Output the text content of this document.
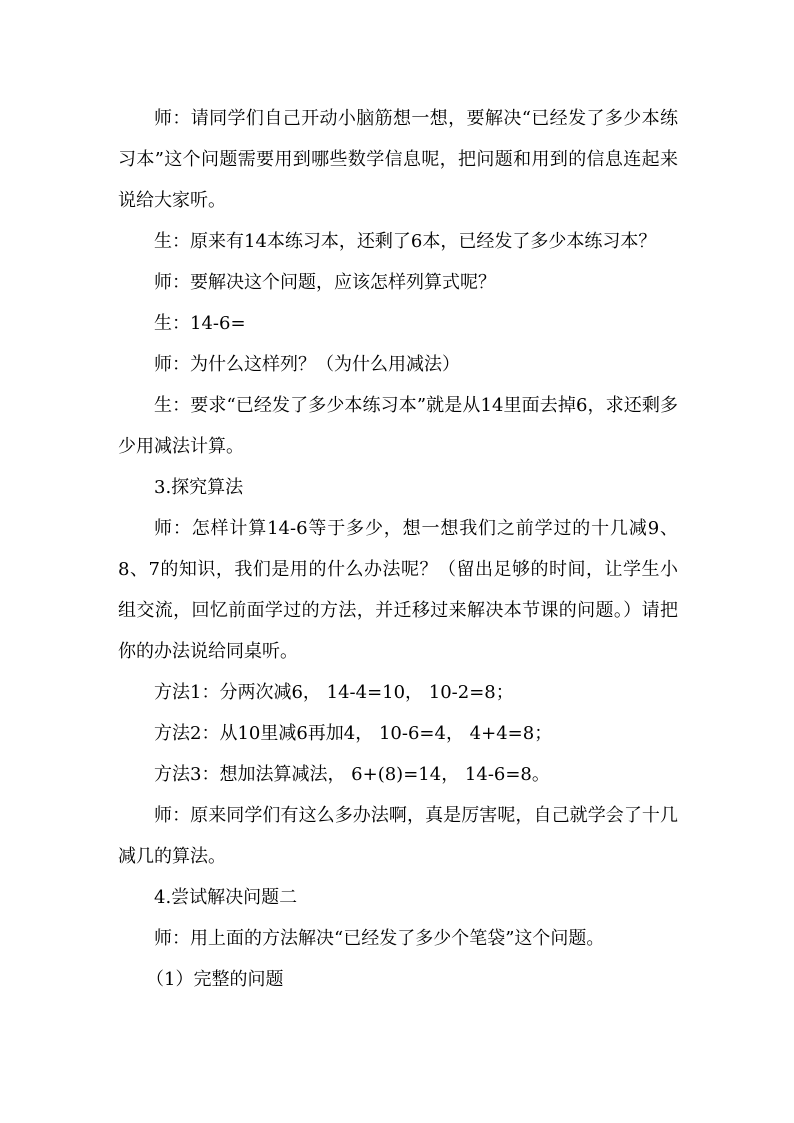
师：请同学们自己开动小脑筋想一想，要解决“已经发了多少本练习本”这个问题需要用到哪些数学信息呢，把问题和用到的信息连起来说给大家听。

生：原来有14本练习本，还剩了6本，已经发了多少本练习本？

师：要解决这个问题，应该怎样列算式呢？

生：14-6=

师：为什么这样列？（为什么用减法）

生：要求“已经发了多少本练习本”就是从14里面去掉6，求还剩多少用减法计算。

3.探究算法

师：怎样计算14-6等于多少，想一想我们之前学过的十几减9、8、7的知识，我们是用的什么办法呢？（留出足够的时间，让学生小组交流，回忆前面学过的方法，并迁移过来解决本节课的问题。）请把你的办法说给同桌听。

方法1：分两次减6， 14-4=10， 10-2=8；

方法2：从10里减6再加4， 10-6=4， 4+4=8；

方法3：想加法算减法， 6+(8)=14， 14-6=8。

师：原来同学们有这么多办法啊，真是厉害呢，自己就学会了十几减几的算法。

4.尝试解决问题二

师：用上面的方法解决“已经发了多少个笔袋”这个问题。

（1）完整的问题
